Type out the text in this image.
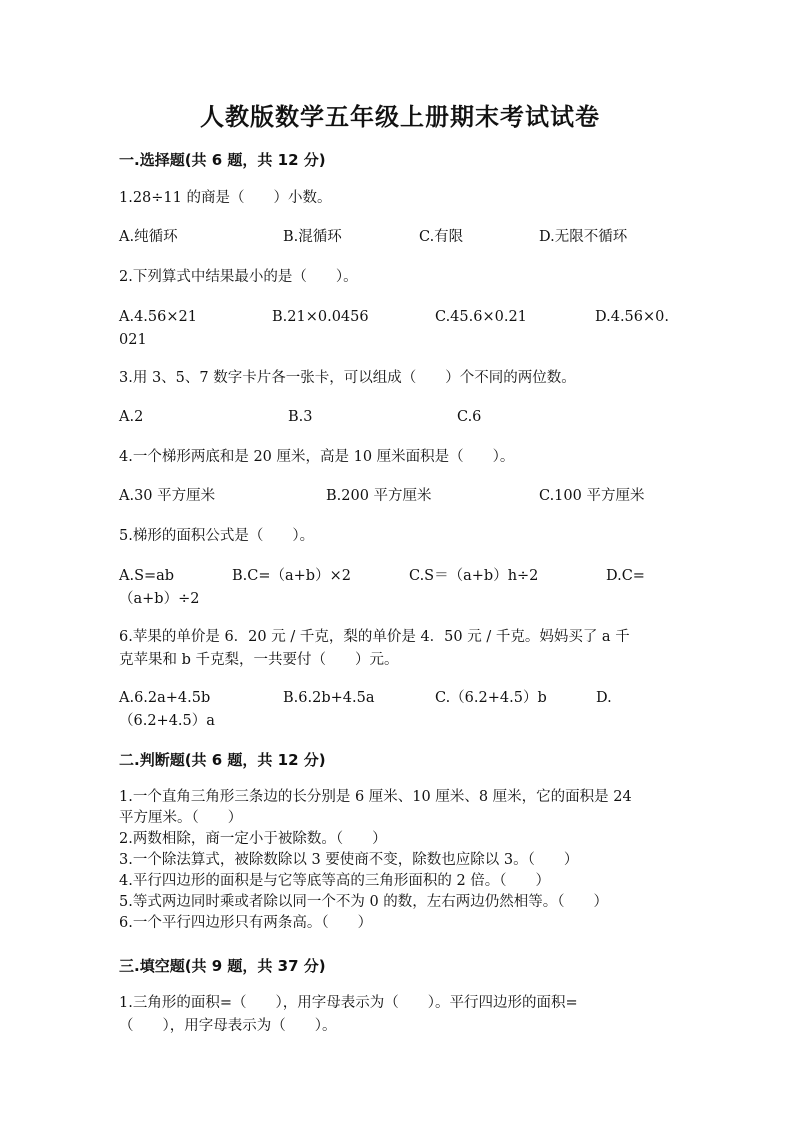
人教版数学五年级上册期末考试试卷
一.选择题(共 6 题，共 12 分)
1.28÷11 的商是（　　）小数。
A.纯循环	B.混循环	C.有限	D.无限不循环
2.下列算式中结果最小的是（　　）。
A.4.56×21	B.21×0.0456	C.45.6×0.21	D.4.56×0.
021
3.用 3、5、7 数字卡片各一张卡，可以组成（　　）个不同的两位数。
A.2	B.3	C.6
4.一个梯形两底和是 20 厘米，高是 10 厘米面积是（　　）。
A.30 平方厘米	B.200 平方厘米	C.100 平方厘米
5.梯形的面积公式是（　　）。
A.S=ab	B.C=（a+b）×2	C.S＝（a+b）h÷2	D.C=
（a+b）÷2
6.苹果的单价是 6．20 元 / 千克，梨的单价是 4．50 元 / 千克。妈妈买了 a 千
克苹果和 b 千克梨，一共要付（　　）元。
A.6.2a+4.5b	B.6.2b+4.5a	C.（6.2+4.5）b	D.
（6.2+4.5）a
二.判断题(共 6 题，共 12 分)
1.一个直角三角形三条边的长分别是 6 厘米、10 厘米、8 厘米，它的面积是 24
平方厘米。（　　）
2.两数相除，商一定小于被除数。（　　）
3.一个除法算式，被除数除以 3 要使商不变，除数也应除以 3。（　　）
4.平行四边形的面积是与它等底等高的三角形面积的 2 倍。（　　）
5.等式两边同时乘或者除以同一个不为 0 的数，左右两边仍然相等。（　　）
6.一个平行四边形只有两条高。（　　）
三.填空题(共 9 题，共 37 分)
1.三角形的面积=（　　），用字母表示为（　　）。平行四边形的面积=
（　　），用字母表示为（　　）。
